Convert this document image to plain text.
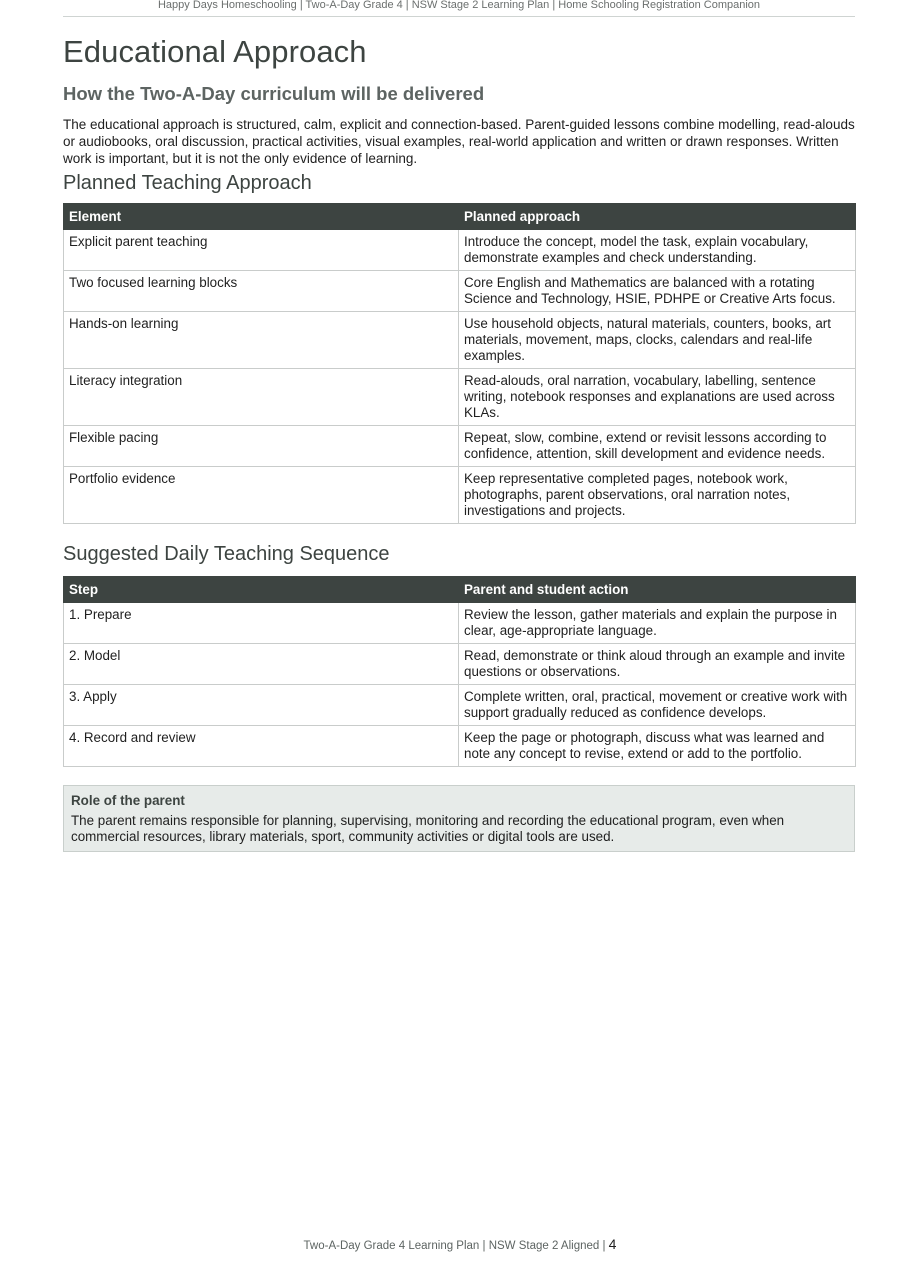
Happy Days Homeschooling | Two-A-Day Grade 4 | NSW Stage 2 Learning Plan | Home Schooling Registration Companion
Educational Approach
How the Two-A-Day curriculum will be delivered

The educational approach is structured, calm, explicit and connection-based. Parent-guided lessons combine modelling, read-alouds or audiobooks, oral discussion, practical activities, visual examples, real-world application and written or drawn responses. Written work is important, but it is not the only evidence of learning.

Planned Teaching Approach
Element	Planned approach
Explicit parent teaching	Introduce the concept, model the task, explain vocabulary, demonstrate examples and check understanding.
Two focused learning blocks	Core English and Mathematics are balanced with a rotating Science and Technology, HSIE, PDHPE or Creative Arts focus.
Hands-on learning	Use household objects, natural materials, counters, books, art materials, movement, maps, clocks, calendars and real-life examples.
Literacy integration	Read-alouds, oral narration, vocabulary, labelling, sentence writing, notebook responses and explanations are used across KLAs.
Flexible pacing	Repeat, slow, combine, extend or revisit lessons according to confidence, attention, skill development and evidence needs.
Portfolio evidence	Keep representative completed pages, notebook work, photographs, parent observations, oral narration notes, investigations and projects.
Suggested Daily Teaching Sequence
Step	Parent and student action
1. Prepare	Review the lesson, gather materials and explain the purpose in clear, age-appropriate language.
2. Model	Read, demonstrate or think aloud through an example and invite questions or observations.
3. Apply	Complete written, oral, practical, movement or creative work with support gradually reduced as confidence develops.
4. Record and review	Keep the page or photograph, discuss what was learned and note any concept to revise, extend or add to the portfolio.
Role of the parent
The parent remains responsible for planning, supervising, monitoring and recording the educational program, even when commercial resources, library materials, sport, community activities or digital tools are used.
Two-A-Day Grade 4 Learning Plan | NSW Stage 2 Aligned | 4
